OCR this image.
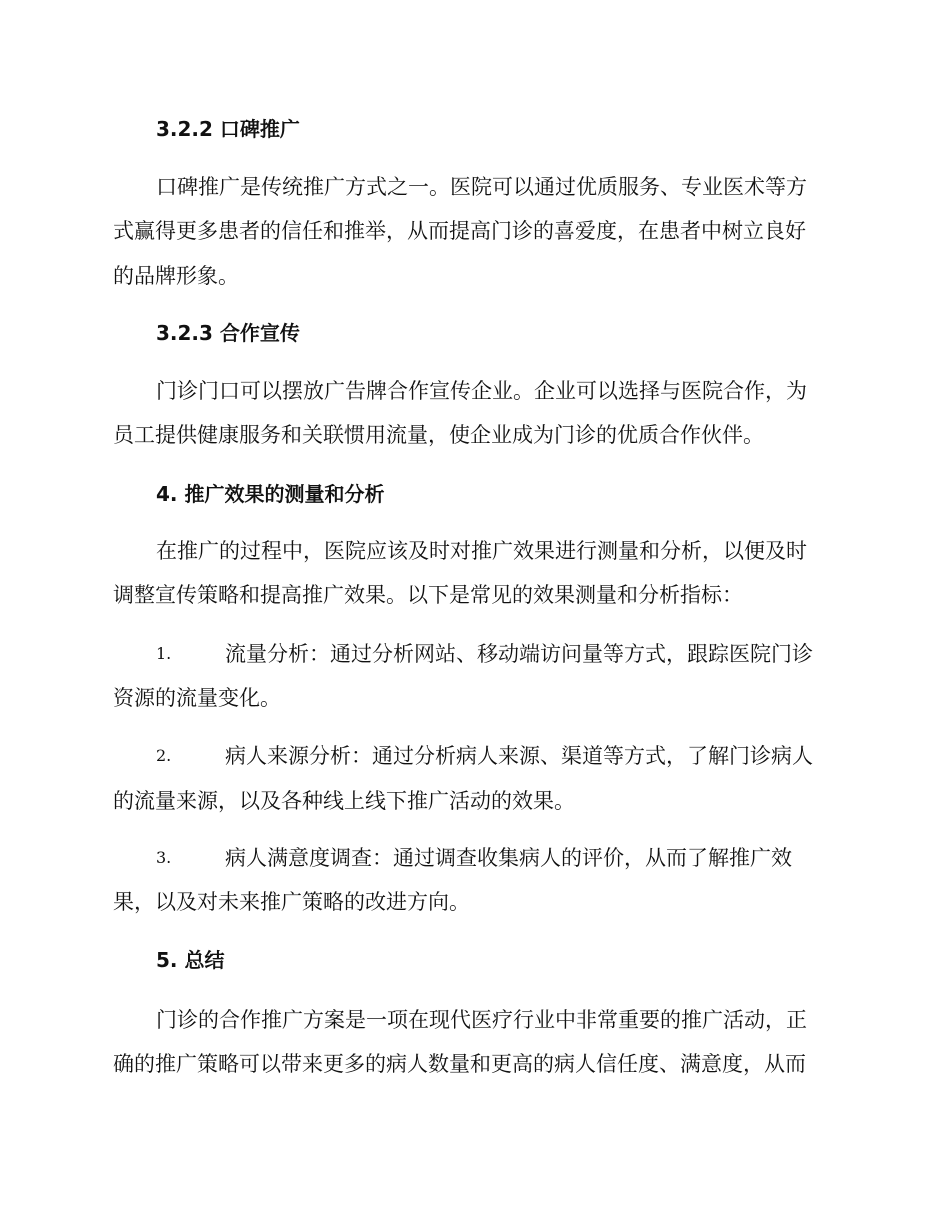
3.2.2 口碑推广
口碑推广是传统推广方式之一。医院可以通过优质服务、专业医术等方
式赢得更多患者的信任和推举，从而提高门诊的喜爱度，在患者中树立良好
的品牌形象。
3.2.3 合作宣传
门诊门口可以摆放广告牌合作宣传企业。企业可以选择与医院合作，为
员工提供健康服务和关联惯用流量，使企业成为门诊的优质合作伙伴。
4. 推广效果的测量和分析
在推广的过程中，医院应该及时对推广效果进行测量和分析，以便及时
调整宣传策略和提高推广效果。以下是常见的效果测量和分析指标：
1.	流量分析：通过分析网站、移动端访问量等方式，跟踪医院门诊
资源的流量变化。
2.	病人来源分析：通过分析病人来源、渠道等方式，了解门诊病人
的流量来源，以及各种线上线下推广活动的效果。
3.	病人满意度调查：通过调查收集病人的评价，从而了解推广效
果，以及对未来推广策略的改进方向。
5. 总结
门诊的合作推广方案是一项在现代医疗行业中非常重要的推广活动，正
确的推广策略可以带来更多的病人数量和更高的病人信任度、满意度，从而
